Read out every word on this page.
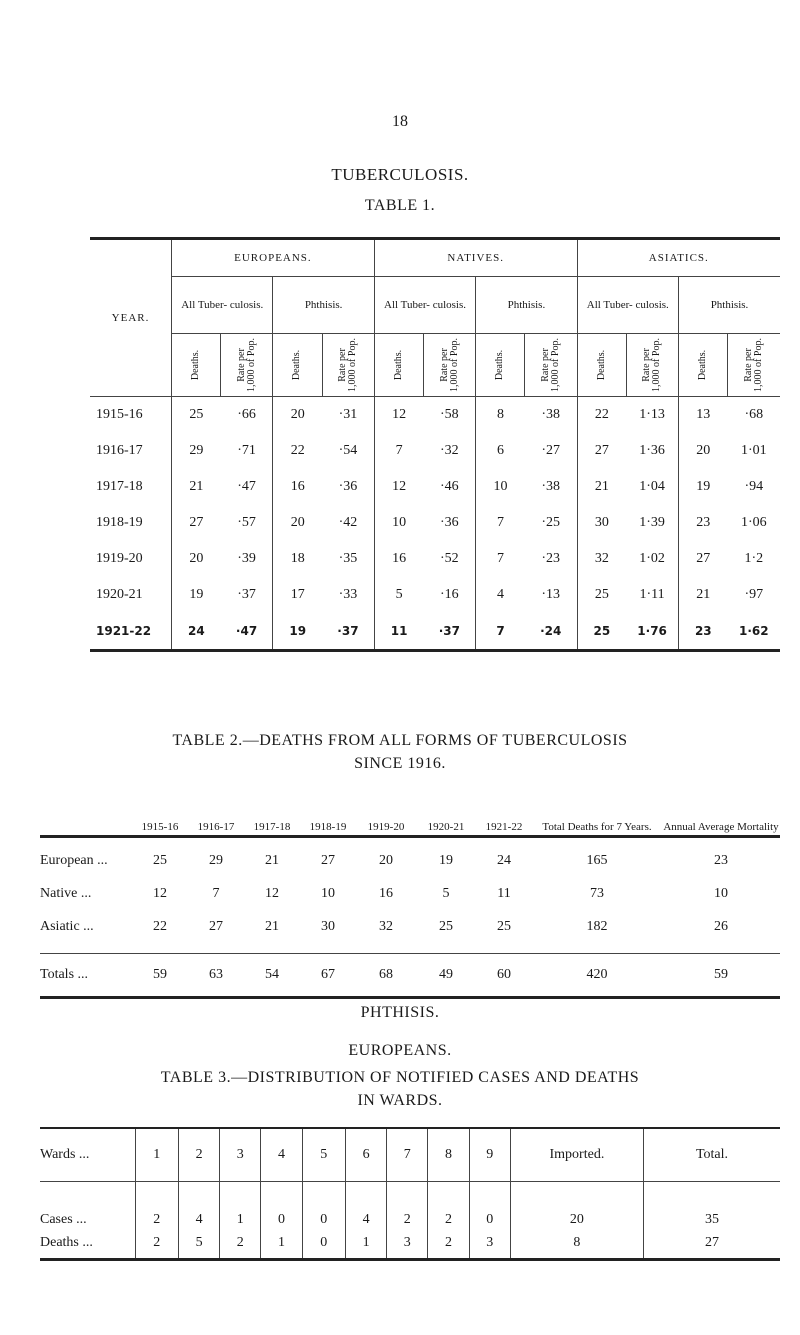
18
TUBERCULOSIS.
TABLE 1.
YEAR.	EUROPEANS.				NATIVES.				ASIATICS.			
	All Tuber- culosis.		Phthisis.		All Tuber- culosis.		Phthisis.		All Tuber- culosis.		Phthisis.	

	Deaths.	Rate per 1,000 of Pop.	Deaths.	Rate per 1,000 of Pop.	Deaths.	Rate per 1,000 of Pop.	Deaths.	Rate per 1,000 of Pop.	Deaths.	Rate per 1,000 of Pop.	Deaths.	Rate per 1,000 of Pop.

1915-16	25	·66	20	·31	12	·58	8	·38	22	1·13	13	·68
1916-17	29	·71	22	·54	7	·32	6	·27	27	1·36	20	1·01
1917-18	21	·47	16	·36	12	·46	10	·38	21	1·04	19	·94
1918-19	27	·57	20	·42	10	·36	7	·25	30	1·39	23	1·06
1919-20	20	·39	18	·35	16	·52	7	·23	32	1·02	27	1·2
1920-21	19	·37	17	·33	5	·16	4	·13	25	1·11	21	·97
1921-22	24	·47	19	·37	11	·37	7	·24	25	1·76	23	1·62
TABLE 2.—DEATHS FROM ALL FORMS OF TUBERCULOSIS
	1915-16	1916-17	1917-18	1918-19	1919-20	1920-21	1921-22	Total Deaths for 7 Years.	Annual Average Mortality

European ...	25	29	21	27	20	19	24	165	23
Native ...	12	7	12	10	16	5	11	73	10
Asiatic ...	22	27	21	30	32	25	25	182	26

Totals ...	59	63	54	67	68	49	60	420	59
PHTHISIS.
EUROPEANS.
TABLE 3.—DISTRIBUTION OF NOTIFIED CASES AND DEATHS
IN WARDS.
Wards ...	1	2	3	4	5	6	7	8	9	Imported.	Total.
Cases ...	2	4	1	0	0	4	2	2	0	20	35
Deaths ...	2	5	2	1	0	1	3	2	3	8	27
SINCE 1916.
